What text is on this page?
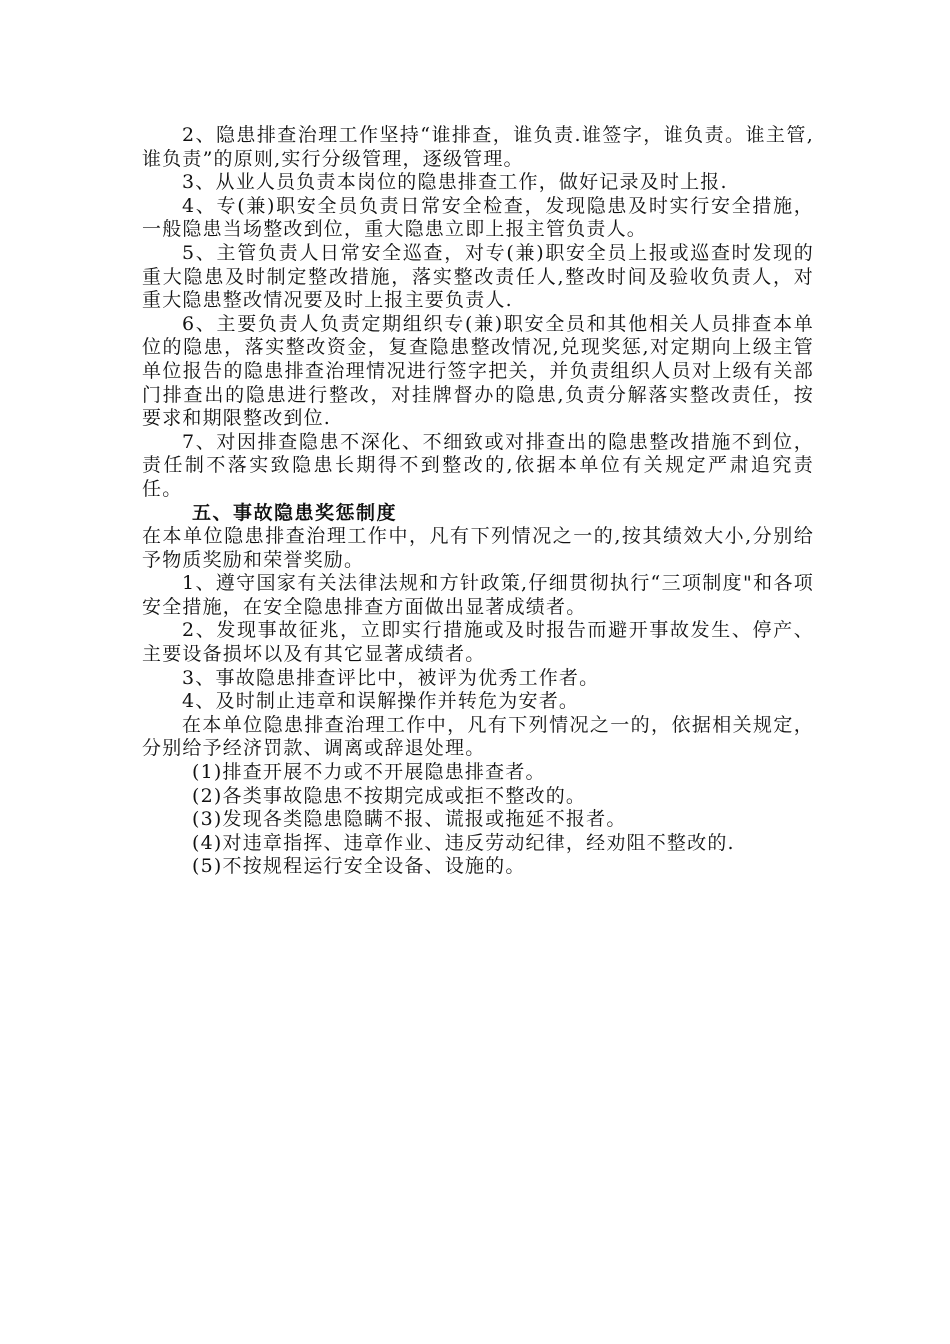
2、隐患排查治理工作坚持“谁排查，谁负责.谁签字，谁负责。谁主管,谁负责”的原则,实行分级管理，逐级管理。

3、从业人员负责本岗位的隐患排查工作，做好记录及时上报.

4、专(兼)职安全员负责日常安全检查，发现隐患及时实行安全措施，一般隐患当场整改到位，重大隐患立即上报主管负责人。

5、主管负责人日常安全巡查，对专(兼)职安全员上报或巡查时发现的重大隐患及时制定整改措施，落实整改责任人,整改时间及验收负责人，对重大隐患整改情况要及时上报主要负责人.

6、主要负责人负责定期组织专(兼)职安全员和其他相关人员排查本单位的隐患，落实整改资金，复查隐患整改情况,兑现奖惩,对定期向上级主管单位报告的隐患排查治理情况进行签字把关，并负责组织人员对上级有关部门排查出的隐患进行整改，对挂牌督办的隐患,负责分解落实整改责任，按要求和期限整改到位.

7、对因排查隐患不深化、不细致或对排查出的隐患整改措施不到位，责任制不落实致隐患长期得不到整改的,依据本单位有关规定严肃追究责任。

五、事故隐患奖惩制度

在本单位隐患排查治理工作中，凡有下列情况之一的,按其绩效大小,分别给予物质奖励和荣誉奖励。

1、遵守国家有关法律法规和方针政策,仔细贯彻执行“三项制度"和各项安全措施，在安全隐患排查方面做出显著成绩者。

2、发现事故征兆，立即实行措施或及时报告而避开事故发生、停产、主要设备损坏以及有其它显著成绩者。

3、事故隐患排查评比中，被评为优秀工作者。

4、及时制止违章和误解操作并转危为安者。

在本单位隐患排查治理工作中，凡有下列情况之一的，依据相关规定，分别给予经济罚款、调离或辞退处理。

(1)排查开展不力或不开展隐患排查者。

(2)各类事故隐患不按期完成或拒不整改的。

(3)发现各类隐患隐瞒不报、谎报或拖延不报者。

(4)对违章指挥、违章作业、违反劳动纪律，经劝阻不整改的.

(5)不按规程运行安全设备、设施的。
